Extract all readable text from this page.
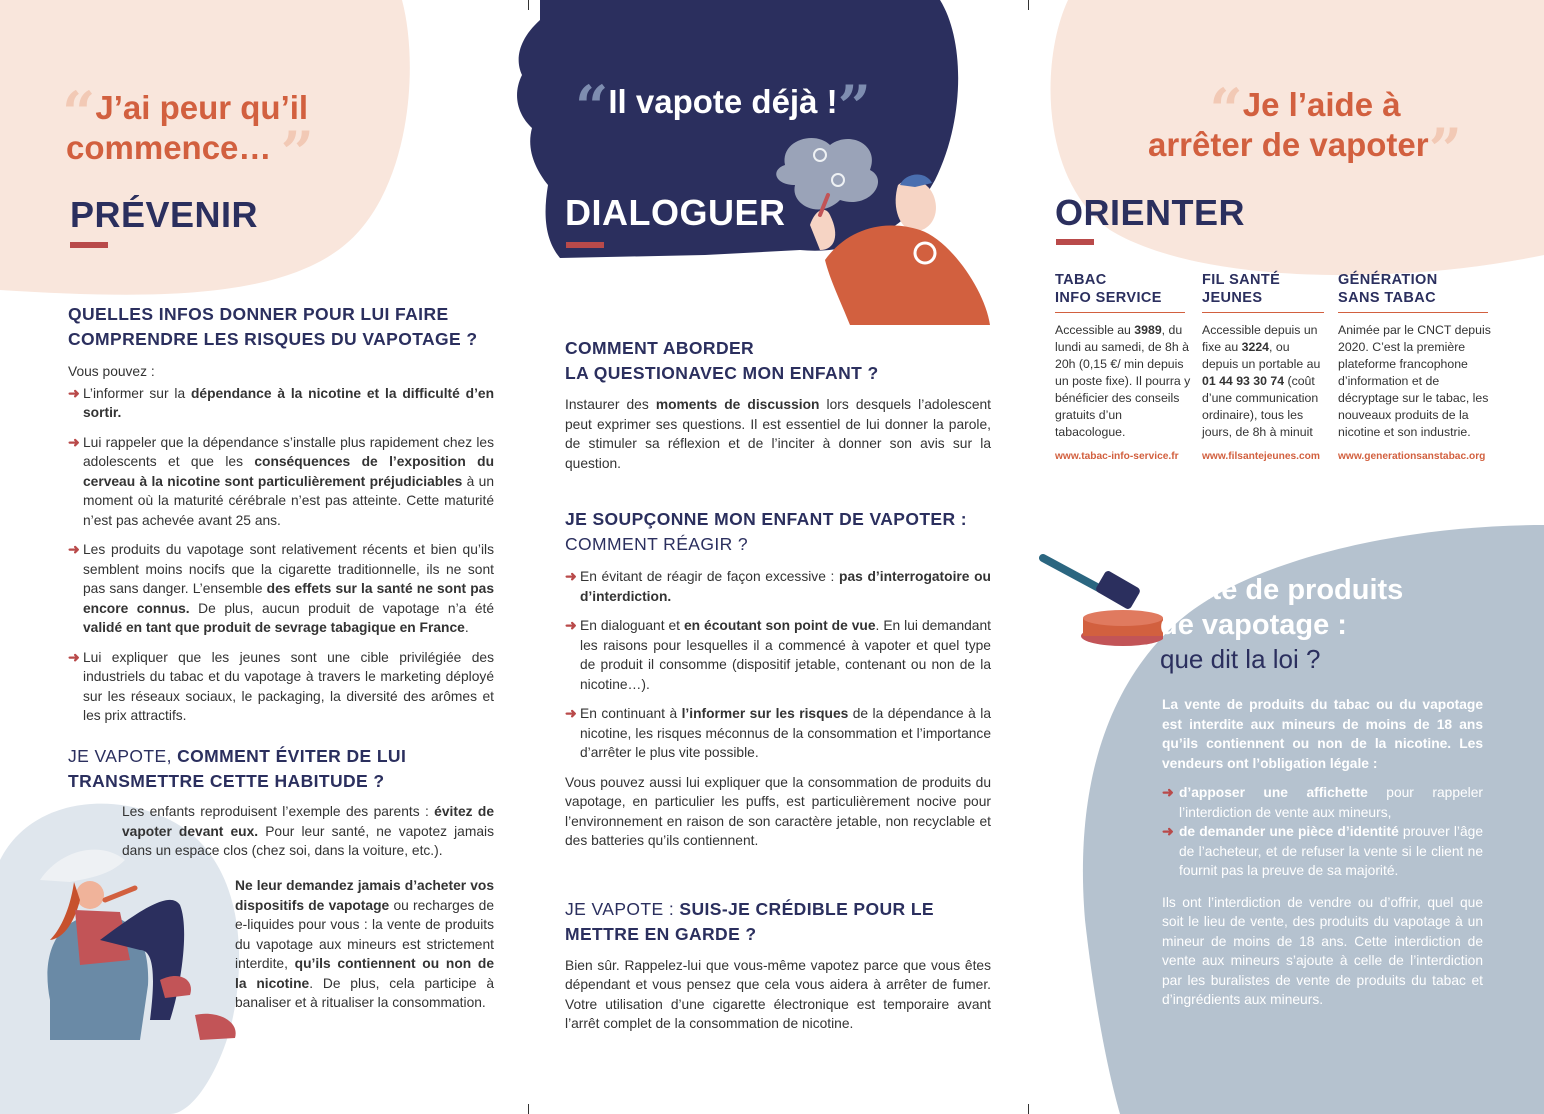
“J’ai peur qu’il
commence… ”
PRÉVENIR
QUELLES INFOS DONNER POUR LUI FAIRE
COMPRENDRE LES RISQUES DU VAPOTAGE ?

Vous pouvez :

➜ L’informer sur la dépendance à la nicotine et la difficulté d’en sortir.
➜ Lui rappeler que la dépendance s’installe plus rapidement chez les adolescents et que les conséquences de l’exposition du cerveau à la nicotine sont particulièrement préjudiciables à un moment où la maturité cérébrale n’est pas atteinte. Cette maturité n’est pas achevée avant 25 ans.
➜ Les produits du vapotage sont relativement récents et bien qu’ils semblent moins nocifs que la cigarette traditionnelle, ils ne sont pas sans danger. L’ensemble des effets sur la santé ne sont pas encore connus. De plus, aucun produit de vapotage n’a été validé en tant que produit de sevrage tabagique en France.
➜ Lui expliquer que les jeunes sont une cible privilégiée des industriels du tabac et du vapotage à travers le marketing déployé sur les réseaux sociaux, le packaging, la diversité des arômes et les prix attractifs.
JE VAPOTE, COMMENT ÉVITER DE LUI
TRANSMETTRE CETTE HABITUDE ?

Les enfants reproduisent l’exemple des parents : évitez de vapoter devant eux. Pour leur santé, ne vapotez jamais dans un espace clos (chez soi, dans la voiture, etc.).

Ne leur demandez jamais d’acheter vos dispositifs de vapotage ou recharges de e-liquides pour vous : la vente de produits du vapotage aux mineurs est strictement interdite, qu’ils contiennent ou non de la nicotine. De plus, cela participe à banaliser et à ritualiser la consommation.

“Il vapote déjà !”
DIALOGUER
COMMENT ABORDER
LA QUESTIONAVEC MON ENFANT ?

Instaurer des moments de discussion lors desquels l’adolescent peut exprimer ses questions. Il est essentiel de lui donner la parole, de stimuler sa réflexion et de l’inciter à donner son avis sur la question.

JE SOUPÇONNE MON ENFANT DE VAPOTER :
COMMENT RÉAGIR ?
➜ En évitant de réagir de façon excessive : pas d’interrogatoire ou d’interdiction.
➜ En dialoguant et en écoutant son point de vue. En lui demandant les raisons pour lesquelles il a commencé à vapoter et quel type de produit il consomme (dispositif jetable, contenant ou non de la nicotine…).
➜ En continuant à l’informer sur les risques de la dépendance à la nicotine, les risques méconnus de la consommation et l’importance d’arrêter le plus vite possible.

Vous pouvez aussi lui expliquer que la consommation de produits du vapotage, en particulier les puffs, est particulièrement nocive pour l’environnement en raison de son caractère jetable, non recyclable et des batteries qu’ils contiennent.

JE VAPOTE : SUIS-JE CRÉDIBLE POUR LE
METTRE EN GARDE ?

Bien sûr. Rappelez-lui que vous-même vapotez parce que vous êtes dépendant et vous pensez que cela vous aidera à arrêter de fumer. Votre utilisation d’une cigarette électronique est temporaire avant l’arrêt complet de la consommation de nicotine.

“Je l’aide à
arrêter de vapoter”
ORIENTER
TABAC
INFO SERVICE

Accessible au 3989, du lundi au samedi, de 8h à 20h (0,15 €/ min depuis un poste fixe). Il pourra y bénéficier des conseils gratuits d’un tabacologue.

www.tabac-info-service.fr
FIL SANTÉ
JEUNES

Accessible depuis un fixe au 3224, ou depuis un portable au 01 44 93 30 74 (coût d’une communication ordinaire), tous les jours, de 8h à minuit

www.filsantejeunes.com
GÉNÉRATION
SANS TABAC

Animée par le CNCT depuis 2020. C’est la première plateforme francophone d’information et de décryptage sur le tabac, les nouveaux produits de la nicotine et son industrie.

www.generationsanstabac.org
Vente de produits
de vapotage :
que dit la loi ?

La vente de produits du tabac ou du vapotage est interdite aux mineurs de moins de 18 ans qu’ils contiennent ou non de la nicotine. Les vendeurs ont l’obligation légale :

➜ d’apposer une affichette pour rappeler l’interdiction de vente aux mineurs,
➜ de demander une pièce d’identité prouver l’âge de l’acheteur, et de refuser la vente si le client ne fournit pas la preuve de sa majorité.

Ils ont l’interdiction de vendre ou d’offrir, quel que soit le lieu de vente, des produits du vapotage à un mineur de moins de 18 ans. Cette interdiction de vente aux mineurs s’ajoute à celle de l’interdiction par les buralistes de vente de produits du tabac et d’ingrédients aux mineurs.
